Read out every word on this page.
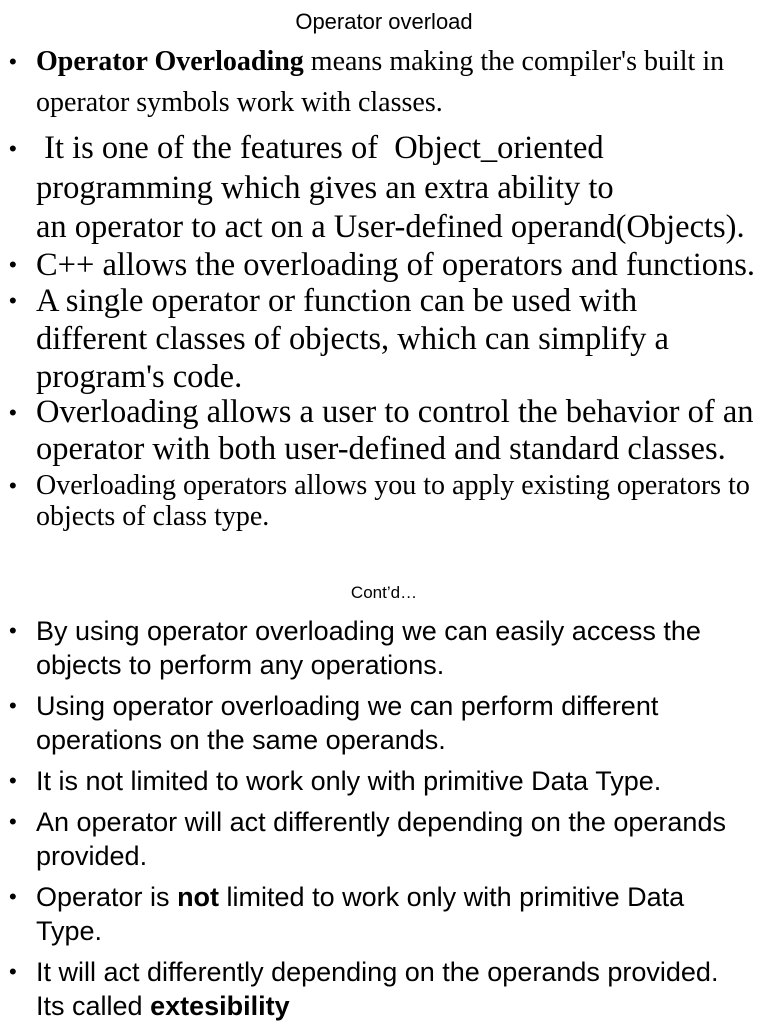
Operator overload
• Operator Overloading means making the compiler's built in
operator symbols work with classes.
• It is one of the features of  Object_oriented
programming which gives an extra ability to
an operator to act on a User-defined operand(Objects).
• C++ allows the overloading of operators and functions.
• A single operator or function can be used with
different classes of objects, which can simplify a
program's code.
• Overloading allows a user to control the behavior of an
operator with both user-defined and standard classes.
• Overloading operators allows you to apply existing operators to
objects of class type.
Cont’d…
• By using operator overloading we can easily access the
objects to perform any operations.
• Using operator overloading we can perform different
operations on the same operands.
• It is not limited to work only with primitive Data Type.
• An operator will act differently depending on the operands
provided.
• Operator is not limited to work only with primitive Data
Type.
• It will act differently depending on the operands provided.
Its called extesibility
